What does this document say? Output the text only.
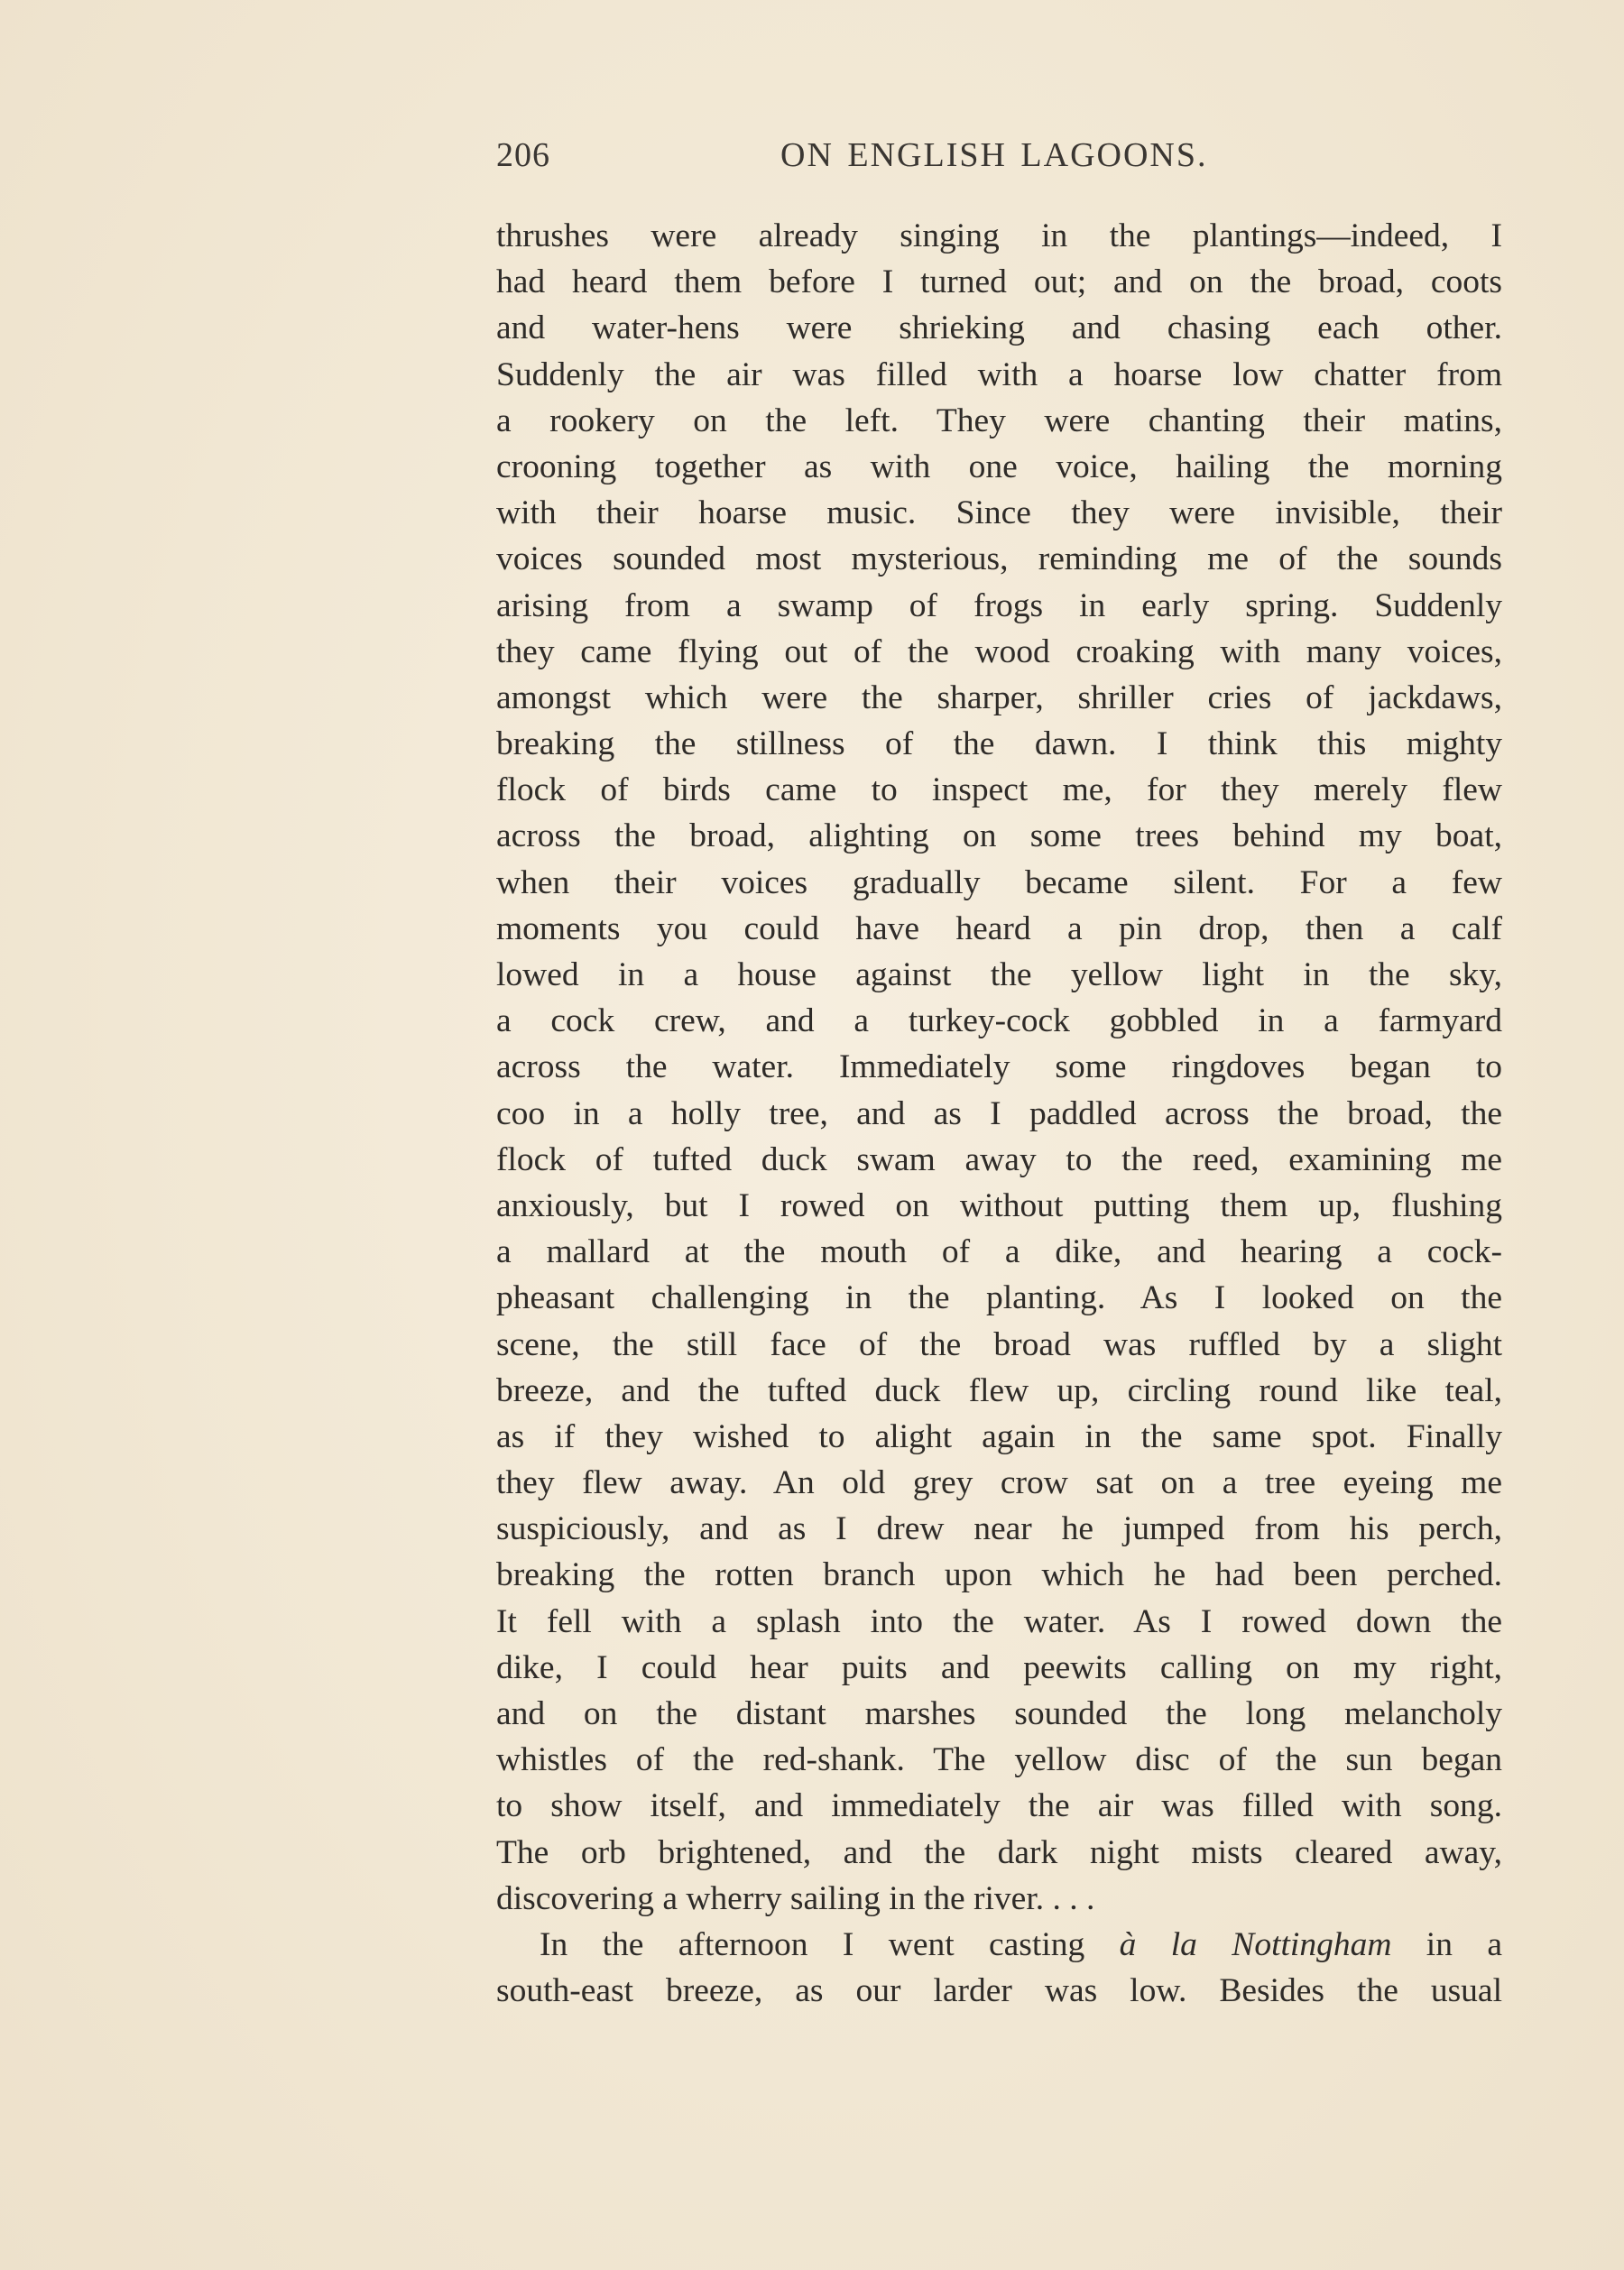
206	ON ENGLISH LAGOONS.
thrushes were already singing in the plantings—indeed, I
had heard them before I turned out; and on the broad, coots
and water-hens were shrieking and chasing each other.
Suddenly the air was filled with a hoarse low chatter from
a rookery on the left. They were chanting their matins,
crooning together as with one voice, hailing the morning
with their hoarse music. Since they were invisible, their
voices sounded most mysterious, reminding me of the sounds
arising from a swamp of frogs in early spring. Suddenly
they came flying out of the wood croaking with many voices,
amongst which were the sharper, shriller cries of jackdaws,
breaking the stillness of the dawn. I think this mighty
flock of birds came to inspect me, for they merely flew
across the broad, alighting on some trees behind my boat,
when their voices gradually became silent. For a few
moments you could have heard a pin drop, then a calf
lowed in a house against the yellow light in the sky,
a cock crew, and a turkey-cock gobbled in a farmyard
across the water. Immediately some ringdoves began to
coo in a holly tree, and as I paddled across the broad, the
flock of tufted duck swam away to the reed, examining me
anxiously, but I rowed on without putting them up, flushing
a mallard at the mouth of a dike, and hearing a cock-
pheasant challenging in the planting. As I looked on the
scene, the still face of the broad was ruffled by a slight
breeze, and the tufted duck flew up, circling round like teal,
as if they wished to alight again in the same spot. Finally
they flew away. An old grey crow sat on a tree eyeing me
suspiciously, and as I drew near he jumped from his perch,
breaking the rotten branch upon which he had been perched.
It fell with a splash into the water. As I rowed down the
dike, I could hear puits and peewits calling on my right,
and on the distant marshes sounded the long melancholy
whistles of the red-shank. The yellow disc of the sun began
to show itself, and immediately the air was filled with song.
The orb brightened, and the dark night mists cleared away,
discovering a wherry sailing in the river. . . .
In the afternoon I went casting à la Nottingham in a
south-east breeze, as our larder was low. Besides the usual
